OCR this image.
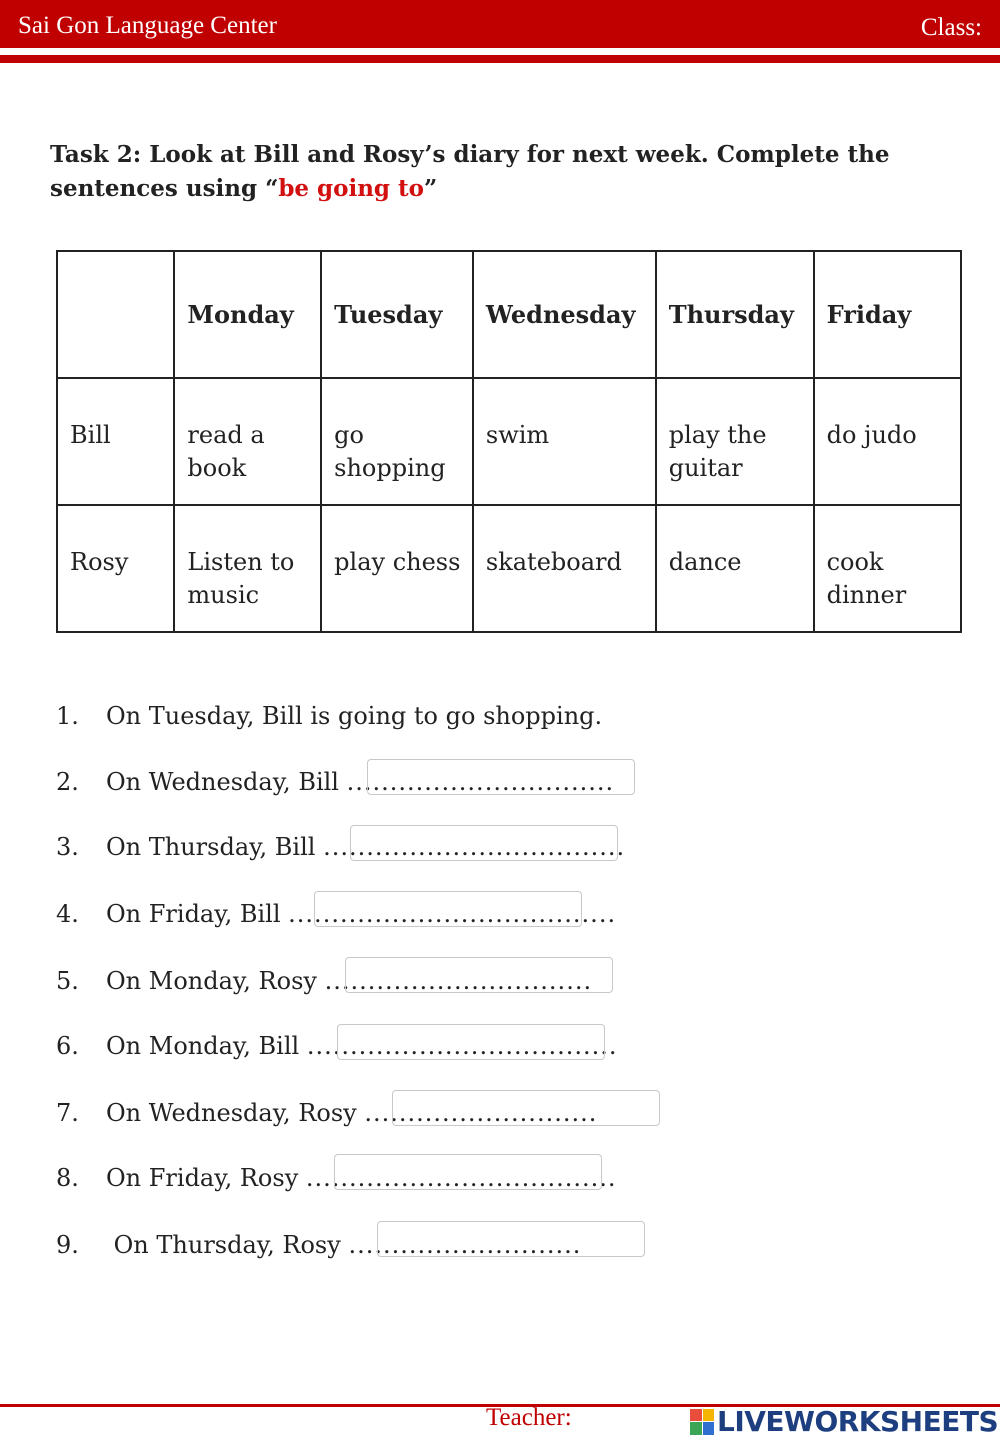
Sai Gon Language Center	Class:
Task 2: Look at Bill and Rosy’s diary for next week. Complete the sentences using “be going to”
	Monday	Tuesday	Wednesday	Thursday	Friday
Bill	read a book	go shopping	swim	play the guitar	do judo
Rosy	Listen to music	play chess	skateboard	dance	cook dinner
1. On Tuesday, Bill is going to go shopping.
2. On Wednesday, Bill ...............................
3. On Thursday, Bill ...................................
4. On Friday, Bill ......................................
5. On Monday, Rosy ...............................
6. On Monday, Bill ....................................
7. On Wednesday, Rosy ...........................
8. On Friday, Rosy ....................................
9. On Thursday, Rosy ...........................
Teacher:	LIVEWORKSHEETS
